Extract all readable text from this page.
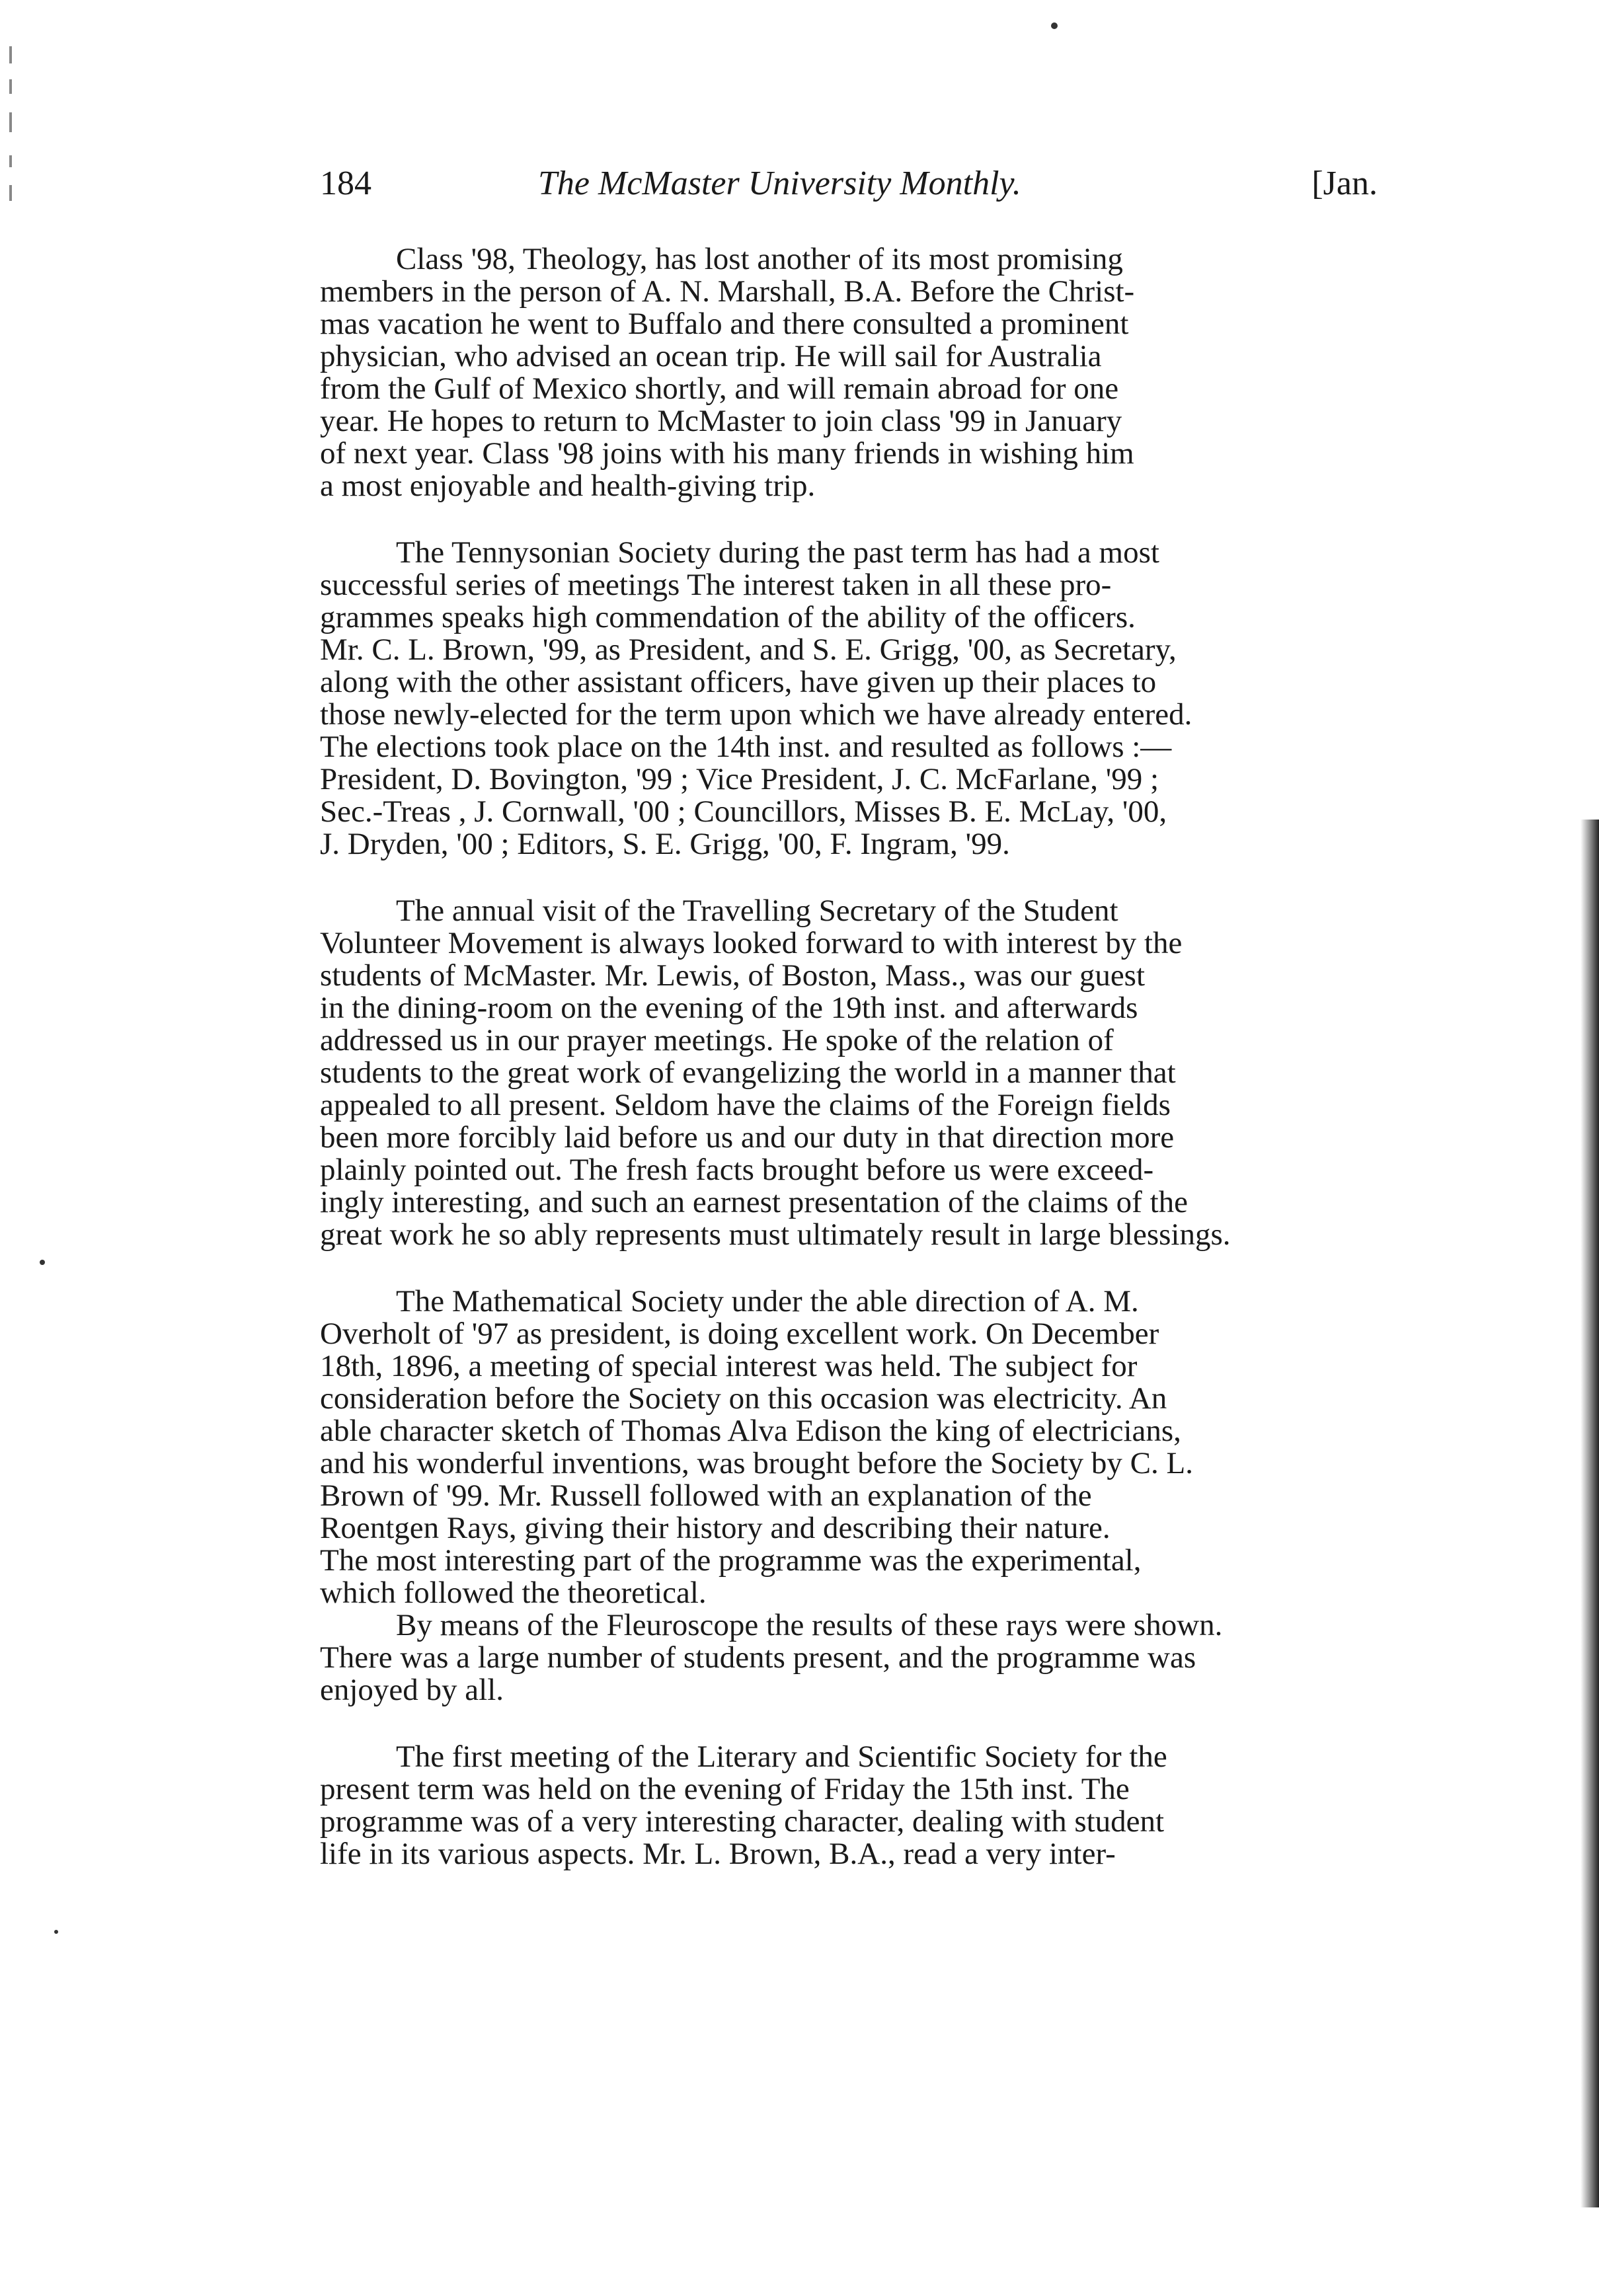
184	The McMaster University Monthly.	[Jan.
Class '98, Theology, has lost another of its most promising
members in the person of A. N. Marshall, B.A. Before the Christ-
mas vacation he went to Buffalo and there consulted a prominent
physician, who advised an ocean trip. He will sail for Australia
from the Gulf of Mexico shortly, and will remain abroad for one
year. He hopes to return to McMaster to join class '99 in January
of next year. Class '98 joins with his many friends in wishing him
a most enjoyable and health-giving trip.
The Tennysonian Society during the past term has had a most
successful series of meetings The interest taken in all these pro-
grammes speaks high commendation of the ability of the officers.
Mr. C. L. Brown, '99, as President, and S. E. Grigg, '00, as Secretary,
along with the other assistant officers, have given up their places to
those newly-elected for the term upon which we have already entered.
The elections took place on the 14th inst. and resulted as follows :—
President, D. Bovington, '99 ; Vice President, J. C. McFarlane, '99 ;
Sec.-Treas , J. Cornwall, '00 ; Councillors, Misses B. E. McLay, '00,
J. Dryden, '00 ; Editors, S. E. Grigg, '00, F. Ingram, '99.
The annual visit of the Travelling Secretary of the Student
Volunteer Movement is always looked forward to with interest by the
students of McMaster. Mr. Lewis, of Boston, Mass., was our guest
in the dining-room on the evening of the 19th inst. and afterwards
addressed us in our prayer meetings. He spoke of the relation of
students to the great work of evangelizing the world in a manner that
appealed to all present. Seldom have the claims of the Foreign fields
been more forcibly laid before us and our duty in that direction more
plainly pointed out. The fresh facts brought before us were exceed-
ingly interesting, and such an earnest presentation of the claims of the
great work he so ably represents must ultimately result in large blessings.
The Mathematical Society under the able direction of A. M.
Overholt of '97 as president, is doing excellent work. On December
18th, 1896, a meeting of special interest was held. The subject for
consideration before the Society on this occasion was electricity. An
able character sketch of Thomas Alva Edison the king of electricians,
and his wonderful inventions, was brought before the Society by C. L.
Brown of '99. Mr. Russell followed with an explanation of the
Roentgen Rays, giving their history and describing their nature.
The most interesting part of the programme was the experimental,
which followed the theoretical.
By means of the Fleuroscope the results of these rays were shown.
There was a large number of students present, and the programme was
enjoyed by all.
The first meeting of the Literary and Scientific Society for the
present term was held on the evening of Friday the 15th inst. The
programme was of a very interesting character, dealing with student
life in its various aspects. Mr. L. Brown, B.A., read a very inter-
